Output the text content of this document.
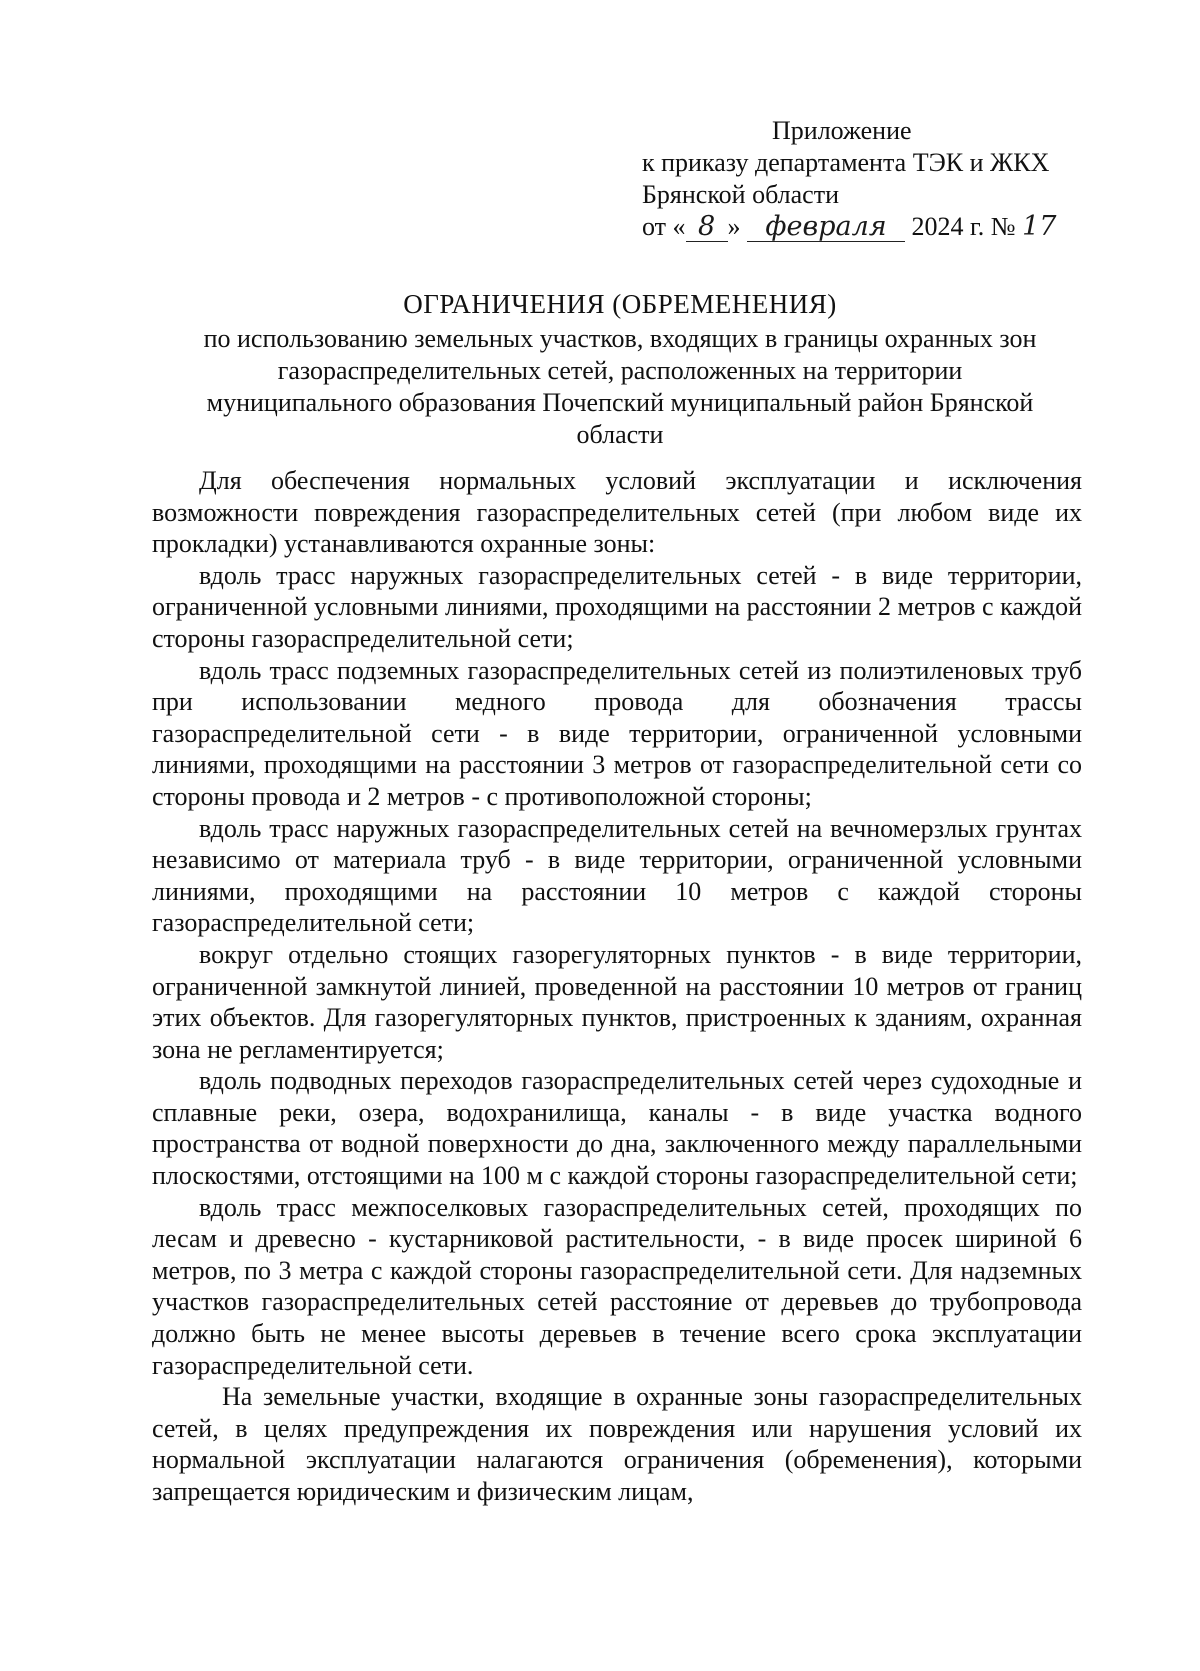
Приложение
к приказу департамента ТЭК и ЖКХ
Брянской области
от « 8 » февраля 2024 г. № 17
ОГРАНИЧЕНИЯ (ОБРЕМЕНЕНИЯ)
по использованию земельных участков, входящих в границы охранных зон газораспределительных сетей, расположенных на территории муниципального образования Почепский муниципальный район Брянской области

Для обеспечения нормальных условий эксплуатации и исключения возможности повреждения газораспределительных сетей (при любом виде их прокладки) устанавливаются охранные зоны:

вдоль трасс наружных газораспределительных сетей - в виде территории, ограниченной условными линиями, проходящими на расстоянии 2 метров с каждой стороны газораспределительной сети;

вдоль трасс подземных газораспределительных сетей из полиэтиленовых труб при использовании медного провода для обозначения трассы газораспределительной сети - в виде территории, ограниченной условными линиями, проходящими на расстоянии 3 метров от газораспределительной сети со стороны провода и 2 метров - с противоположной стороны;

вдоль трасс наружных газораспределительных сетей на вечномерзлых грунтах независимо от материала труб - в виде территории, ограниченной условными линиями, проходящими на расстоянии 10 метров с каждой стороны газораспределительной сети;

вокруг отдельно стоящих газорегуляторных пунктов - в виде территории, ограниченной замкнутой линией, проведенной на расстоянии 10 метров от границ этих объектов. Для газорегуляторных пунктов, пристроенных к зданиям, охранная зона не регламентируется;

вдоль подводных переходов газораспределительных сетей через судоходные и сплавные реки, озера, водохранилища, каналы - в виде участка водного пространства от водной поверхности до дна, заключенного между параллельными плоскостями, отстоящими на 100 м с каждой стороны газораспределительной сети;

вдоль трасс межпоселковых газораспределительных сетей, проходящих по лесам и древесно - кустарниковой растительности, - в виде просек шириной 6 метров, по 3 метра с каждой стороны газораспределительной сети. Для надземных участков газораспределительных сетей расстояние от деревьев до трубопровода должно быть не менее высоты деревьев в течение всего срока эксплуатации газораспределительной сети.

На земельные участки, входящие в охранные зоны газораспределительных сетей, в целях предупреждения их повреждения или нарушения условий их нормальной эксплуатации налагаются ограничения (обременения), которыми запрещается юридическим и физическим лицам,
